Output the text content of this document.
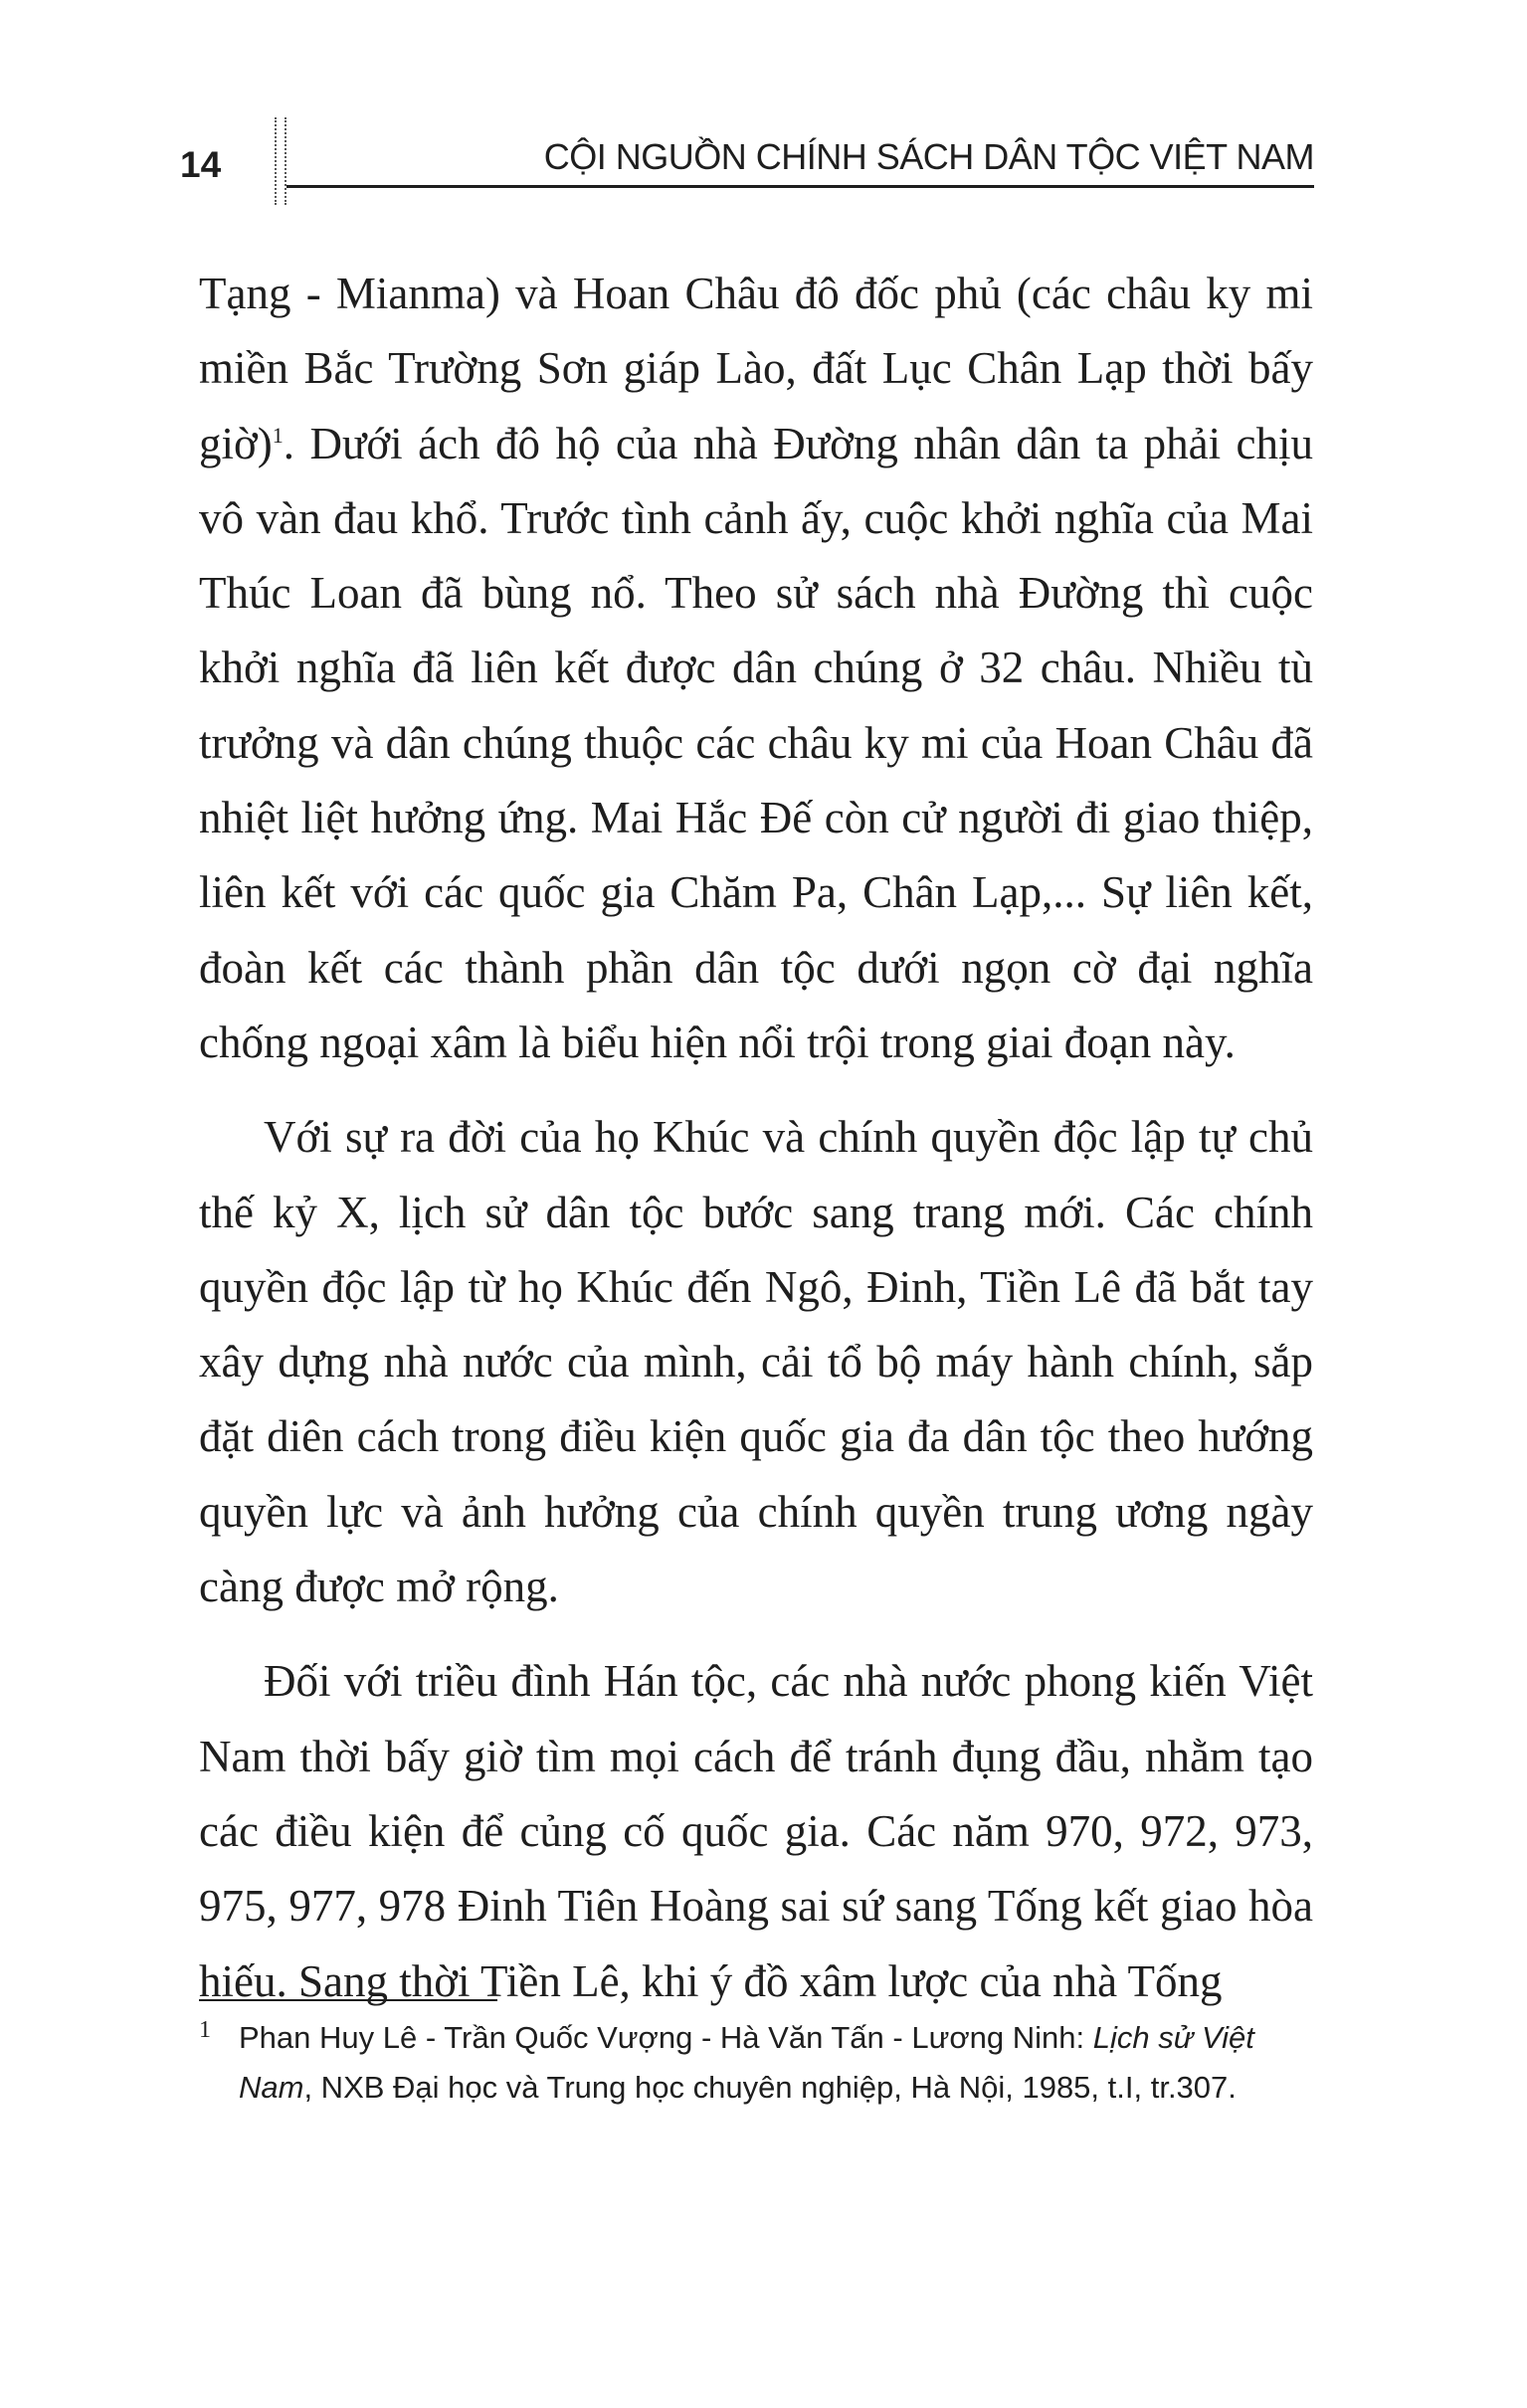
14	CỘI NGUỒN CHÍNH SÁCH DÂN TỘC VIỆT NAM

Tạng - Mianma) và Hoan Châu đô đốc phủ (các châu ky mi miền Bắc Trường Sơn giáp Lào, đất Lục Chân Lạp thời bấy giờ)$^1$. Dưới ách đô hộ của nhà Đường nhân dân ta phải chịu vô vàn đau khổ. Trước tình cảnh ấy, cuộc khởi nghĩa của Mai Thúc Loan đã bùng nổ. Theo sử sách nhà Đường thì cuộc khởi nghĩa đã liên kết được dân chúng ở 32 châu. Nhiều tù trưởng và dân chúng thuộc các châu ky mi của Hoan Châu đã nhiệt liệt hưởng ứng. Mai Hắc Đế còn cử người đi giao thiệp, liên kết với các quốc gia Chăm Pa, Chân Lạp,... Sự liên kết, đoàn kết các thành phần dân tộc dưới ngọn cờ đại nghĩa chống ngoại xâm là biểu hiện nổi trội trong giai đoạn này.

Với sự ra đời của họ Khúc và chính quyền độc lập tự chủ thế kỷ X, lịch sử dân tộc bước sang trang mới. Các chính quyền độc lập từ họ Khúc đến Ngô, Đinh, Tiền Lê đã bắt tay xây dựng nhà nước của mình, cải tổ bộ máy hành chính, sắp đặt diên cách trong điều kiện quốc gia đa dân tộc theo hướng quyền lực và ảnh hưởng của chính quyền trung ương ngày càng được mở rộng.

Đối với triều đình Hán tộc, các nhà nước phong kiến Việt Nam thời bấy giờ tìm mọi cách để tránh đụng đầu, nhằm tạo các điều kiện để củng cố quốc gia. Các năm 970, 972, 973, 975, 977, 978 Đinh Tiên Hoàng sai sứ sang Tống kết giao hòa hiếu. Sang thời Tiền Lê, khi ý đồ xâm lược của nhà Tống

1 Phan Huy Lê - Trần Quốc Vượng - Hà Văn Tấn - Lương Ninh: Lịch sử Việt Nam, NXB Đại học và Trung học chuyên nghiệp, Hà Nội, 1985, t.I, tr.307.
